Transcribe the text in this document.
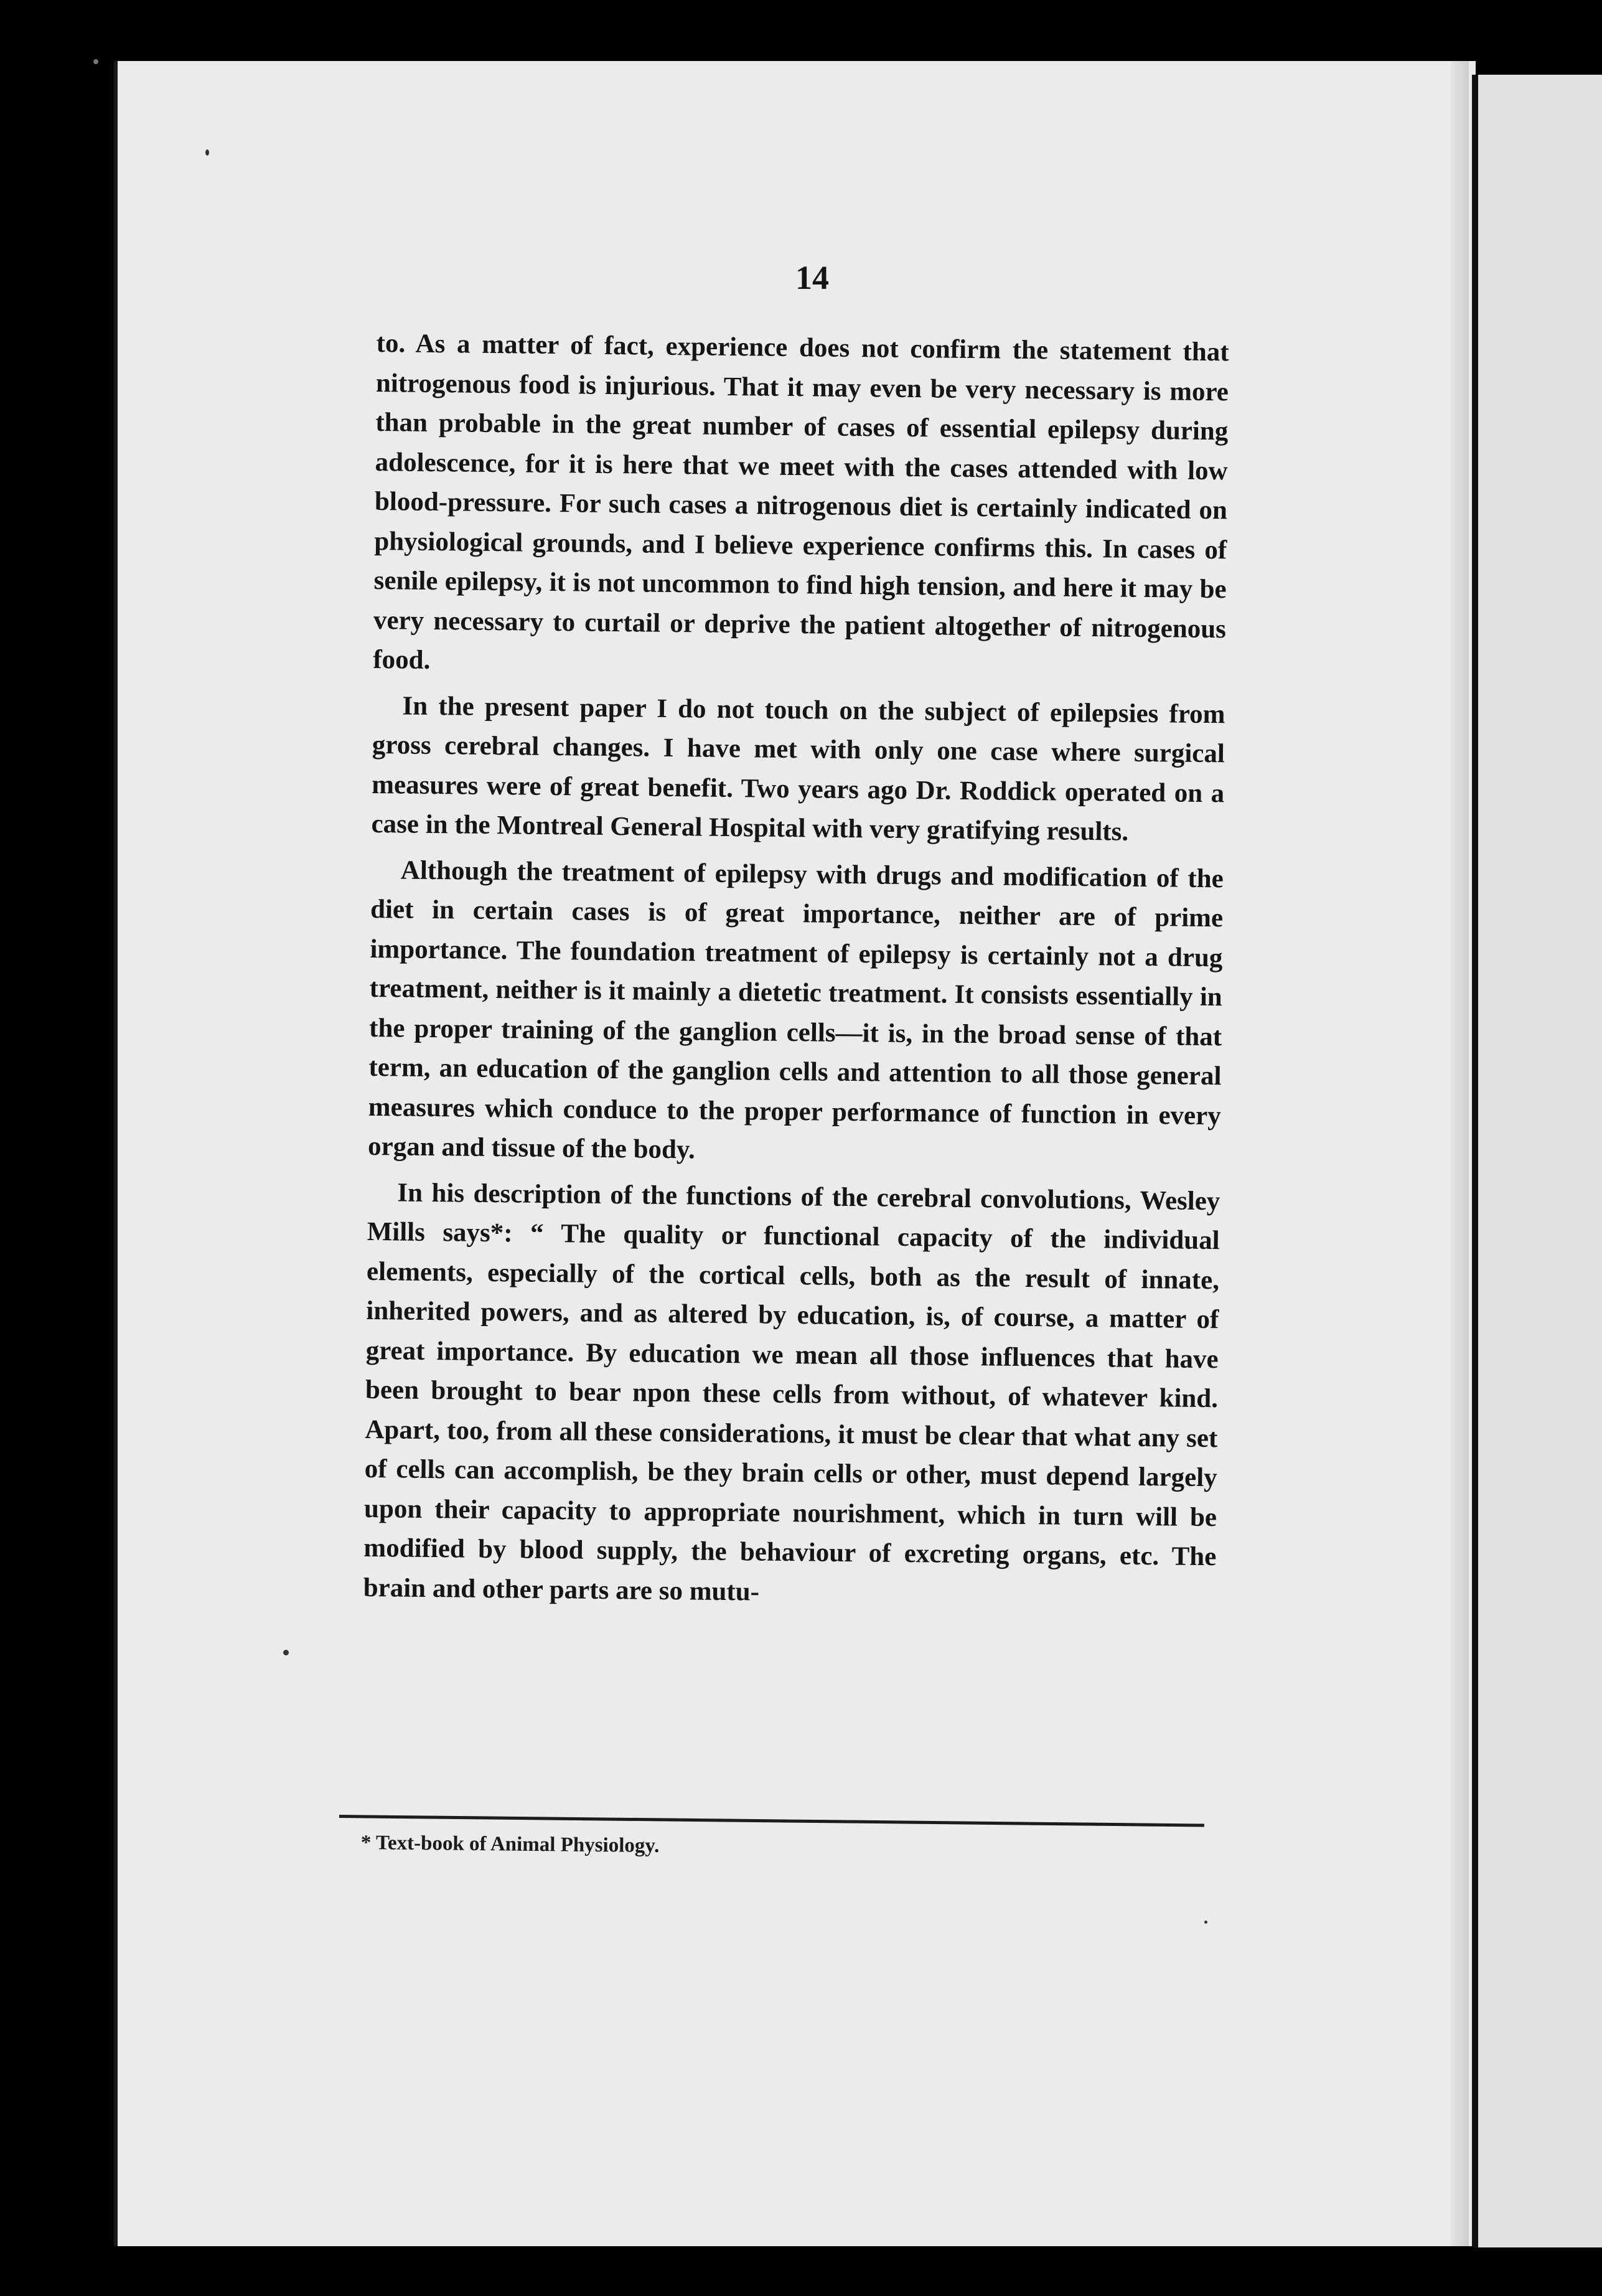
14

to. As a matter of fact, experience does not confirm the statement that nitrogenous food is injurious. That it may even be very necessary is more than probable in the great number of cases of essential epilepsy during adolescence, for it is here that we meet with the cases attended with low blood-pressure. For such cases a nitrogenous diet is certainly indicated on physiological grounds, and I believe experience confirms this. In cases of senile epilepsy, it is not uncommon to find high tension, and here it may be very necessary to curtail or deprive the patient altogether of nitrogenous food.

In the present paper I do not touch on the subject of epilepsies from gross cerebral changes. I have met with only one case where surgical measures were of great benefit. Two years ago Dr. Roddick operated on a case in the Montreal General Hospital with very gratifying results.

Although the treatment of epilepsy with drugs and modification of the diet in certain cases is of great importance, neither are of prime importance. The foundation treatment of epilepsy is certainly not a drug treatment, neither is it mainly a dietetic treatment. It consists essentially in the proper training of the ganglion cells—it is, in the broad sense of that term, an education of the ganglion cells and attention to all those general measures which conduce to the proper performance of function in every organ and tissue of the body.

In his description of the functions of the cerebral convolutions, Wesley Mills says*: “ The quality or functional capacity of the individual elements, especially of the cortical cells, both as the result of innate, inherited powers, and as altered by education, is, of course, a matter of great importance. By education we mean all those influences that have been brought to bear npon these cells from without, of whatever kind. Apart, too, from all these considerations, it must be clear that what any set of cells can accomplish, be they brain cells or other, must depend largely upon their capacity to appropriate nourishment, which in turn will be modified by blood supply, the behaviour of excreting organs, etc. The brain and other parts are so mutu-

* Text-book of Animal Physiology.
